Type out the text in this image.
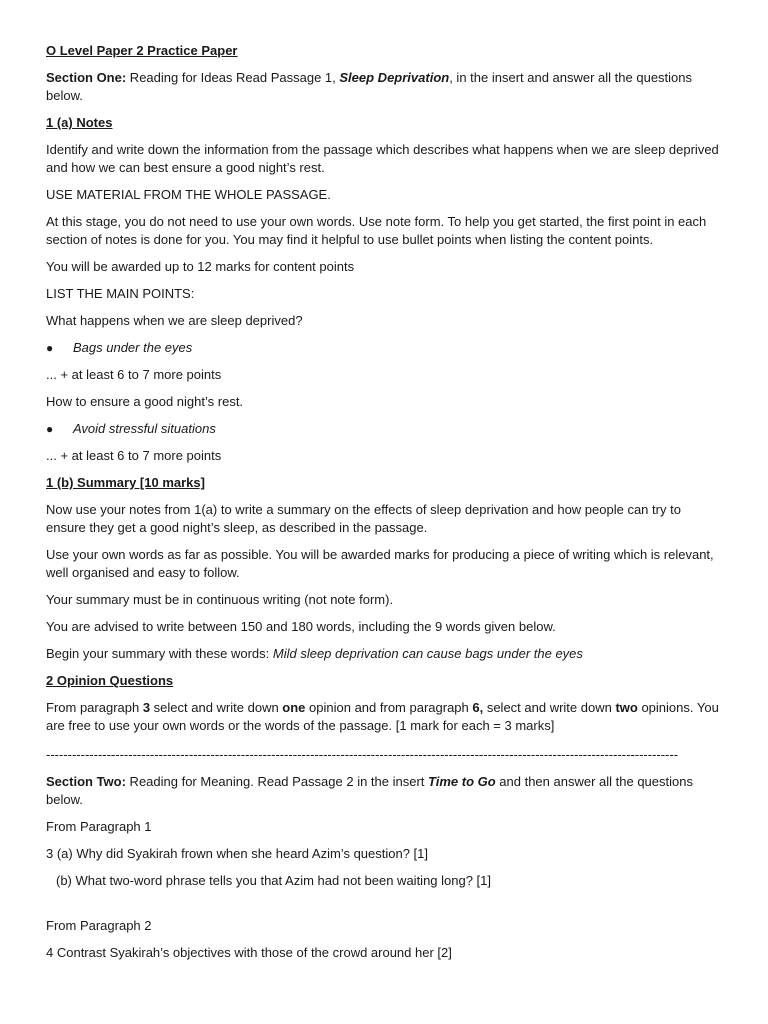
O Level Paper 2 Practice Paper

Section One: Reading for Ideas Read Passage 1, Sleep Deprivation, in the insert and answer all the questions below.

1 (a) Notes

Identify and write down the information from the passage which describes what happens when we are sleep deprived and how we can best ensure a good night’s rest.

USE MATERIAL FROM THE WHOLE PASSAGE.

At this stage, you do not need to use your own words. Use note form. To help you get started, the first point in each section of notes is done for you. You may find it helpful to use bullet points when listing the content points.

You will be awarded up to 12 marks for content points

LIST THE MAIN POINTS:

What happens when we are sleep deprived?

●	Bags under the eyes

... + at least 6 to 7 more points

How to ensure a good night’s rest.

●	Avoid stressful situations

... + at least 6 to 7 more points

1 (b) Summary [10 marks]

Now use your notes from 1(a) to write a summary on the effects of sleep deprivation and how people can try to ensure they get a good night’s sleep, as described in the passage.

Use your own words as far as possible. You will be awarded marks for producing a piece of writing which is relevant, well organised and easy to follow.

Your summary must be in continuous writing (not note form).

You are advised to write between 150 and 180 words, including the 9 words given below.

Begin your summary with these words: Mild sleep deprivation can cause bags under the eyes

2 Opinion Questions

From paragraph 3 select and write down one opinion and from paragraph 6, select and write down two opinions. You are free to use your own words or the words of the passage. [1 mark for each = 3 marks]

--------------------------------------------------------------------------------------------------------------------------------------------------

Section Two: Reading for Meaning. Read Passage 2 in the insert Time to Go and then answer all the questions below.

From Paragraph 1

3 (a) Why did Syakirah frown when she heard Azim’s question? [1]

(b) What two-word phrase tells you that Azim had not been waiting long? [1]

From Paragraph 2

4 Contrast Syakirah’s objectives with those of the crowd around her [2]
